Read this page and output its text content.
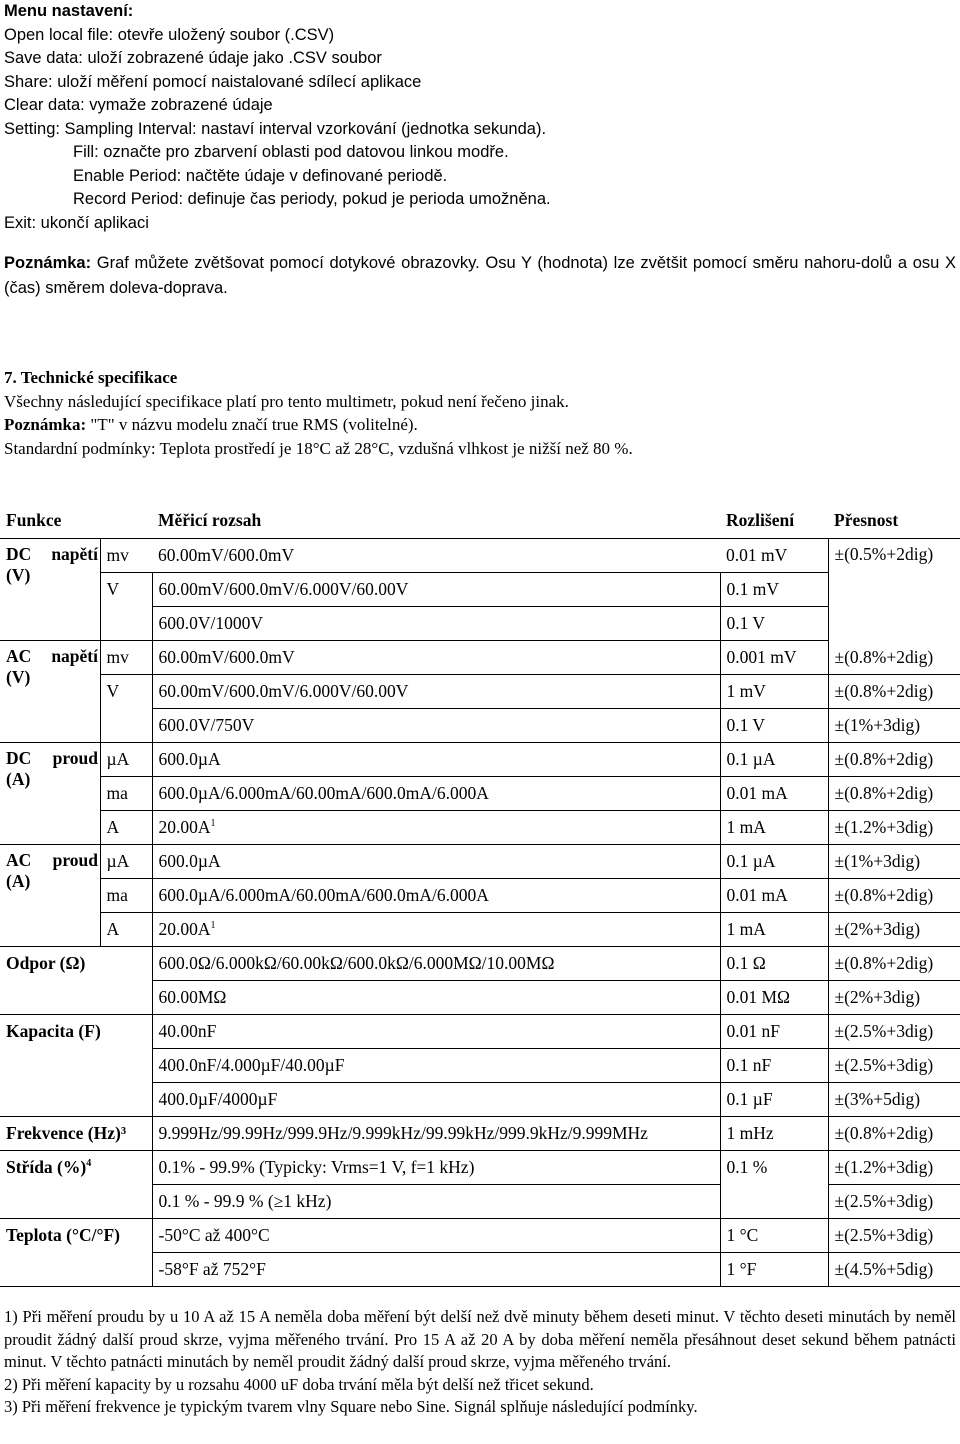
Menu nastavení:
Open local file: otevře uložený soubor (.CSV)
Save data: uloží zobrazené údaje jako .CSV soubor
Share: uloží měření pomocí naistalované sdílecí aplikace
Clear data: vymaže zobrazené údaje
Setting: Sampling Interval: nastaví interval vzorkování (jednotka sekunda).
Fill: označte pro zbarvení oblasti pod datovou linkou modře.
Enable Period: načtěte údaje v definované periodě.
Record Period: definuje čas periody, pokud je perioda umožněna.
Exit: ukončí aplikaci
Poznámka: Graf můžete zvětšovat pomocí dotykové obrazovky. Osu Y (hodnota) lze zvětšit pomocí směru nahoru-dolů a osu X (čas) směrem doleva-doprava.
7. Technické specifikace
Všechny následující specifikace platí pro tento multimetr, pokud není řečeno jinak.
Poznámka: "T" v názvu modelu značí true RMS (volitelné).
Standardní podmínky: Teplota prostředí je 18°C až 28°C, vzdušná vlhkost je nižší než 80 %.
Funkce		Měřicí rozsah	Rozlišení	Přesnost

DC napětí (V)	mv	60.00mV/600.0mV	0.01 mV	±(0.5%+2dig)
	V	60.00mV/600.0mV/6.000V/60.00V	0.1 mV	
		600.0V/1000V	0.1 V	

AC napětí (V)	mv	60.00mV/600.0mV	0.001 mV	±(0.8%+2dig)
	V	60.00mV/600.0mV/6.000V/60.00V	1 mV	±(0.8%+2dig)
		600.0V/750V	0.1 V	±(1%+3dig)

DC proud (A)	µA	600.0µA	0.1 µA	±(0.8%+2dig)
	ma	600.0µA/6.000mA/60.00mA/600.0mA/6.000A	0.01 mA	±(0.8%+2dig)
	A	$20.00A^1$	1 mA	±(1.2%+3dig)

AC proud (A)	µA	600.0µA	0.1 µA	±(1%+3dig)
	ma	600.0µA/6.000mA/60.00mA/600.0mA/6.000A	0.01 mA	±(0.8%+2dig)
	A	$20.00A^1$	1 mA	±(2%+3dig)
Odpor (Ω)		600.0Ω/6.000kΩ/60.00kΩ/600.0kΩ/6.000MΩ/10.00MΩ	0.1 Ω	±(0.8%+2dig)
		60.00MΩ	0.01 MΩ	±(2%+3dig)
Kapacita (F)		40.00nF	0.01 nF	±(2.5%+3dig)
		400.0nF/4.000µF/40.00µF	0.1 nF	±(2.5%+3dig)
		400.0µF/4000µF	0.1 µF	±(3%+5dig)
Frekvence (Hz)³		9.999Hz/99.99Hz/999.9Hz/9.999kHz/99.99kHz/999.9kHz/9.999MHz	1 mHz	±(0.8%+2dig)
Střída (%)$^4$		0.1% - 99.9% (Typicky: Vrms=1 V, f=1 kHz)	0.1 %	±(1.2%+3dig)
		0.1 % - 99.9 % (≥1 kHz)		±(2.5%+3dig)
Teplota (°C/°F)		-50°C až 400°C	1 °C	±(2.5%+3dig)
		-58°F až 752°F	1 °F	±(4.5%+5dig)
1) Při měření proudu by u 10 A až 15 A neměla doba měření být delší než dvě minuty během deseti minut. V těchto deseti minutách by neměl proudit žádný další proud skrze, vyjma měřeného trvání. Pro 15 A až 20 A by doba měření neměla přesáhnout deset sekund během patnácti minut. V těchto patnácti minutách by neměl proudit žádný další proud skrze, vyjma měřeného trvání.
2) Při měření kapacity by u rozsahu 4000 uF doba trvání měla být delší než třicet sekund.
3) Při měření frekvence je typickým tvarem vlny Square nebo Sine. Signál splňuje následující podmínky.
